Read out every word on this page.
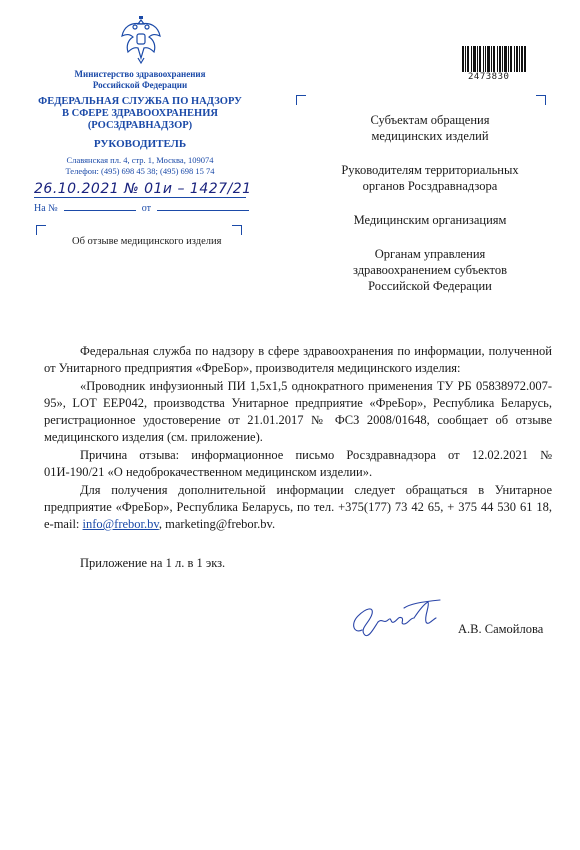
Министерство здравоохранения
Российской Федерации
ФЕДЕРАЛЬНАЯ СЛУЖБА ПО НАДЗОРУ
В СФЕРЕ ЗДРАВООХРАНЕНИЯ
(РОСЗДРАВНАДЗОР)
РУКОВОДИТЕЛЬ
Славянская пл. 4, стр. 1, Москва, 109074
Телефон: (495) 698 45 38; (495) 698 15 74
26.10.2021 № 01и – 1427/21
На №	от
Об отзыве медицинского изделия
2473830
Субъектам обращения
медицинских изделий
Руководителям территориальных
органов Росздравнадзора
Медицинским организациям
Органам управления
здравоохранением субъектов
Российской Федерации

Федеральная служба по надзору в сфере здравоохранения по информации, полученной от Унитарного предприятия «ФреБор», производителя медицинского изделия:

«Проводник инфузионный ПИ 1,5x1,5 однократного применения ТУ РБ 05838972.007-95», LOT EEP042, производства Унитарное предприятие «ФреБор», Республика Беларусь, регистрационное удостоверение от 21.01.2017 № ФСЗ 2008/01648, сообщает об отзыве медицинского изделия (см. приложение).

Причина отзыва: информационное письмо Росздравнадзора от 12.02.2021 № 01И-190/21 «О недоброкачественном медицинском изделии».

Для получения дополнительной информации следует обращаться в Унитарное предприятие «ФреБор», Республика Беларусь, по тел. +375(177) 73 42 65, + 375 44 530 61 18, e-mail: info@frebor.bv, marketing@frebor.bv.

Приложение на 1 л. в 1 экз.
А.В. Самойлова
